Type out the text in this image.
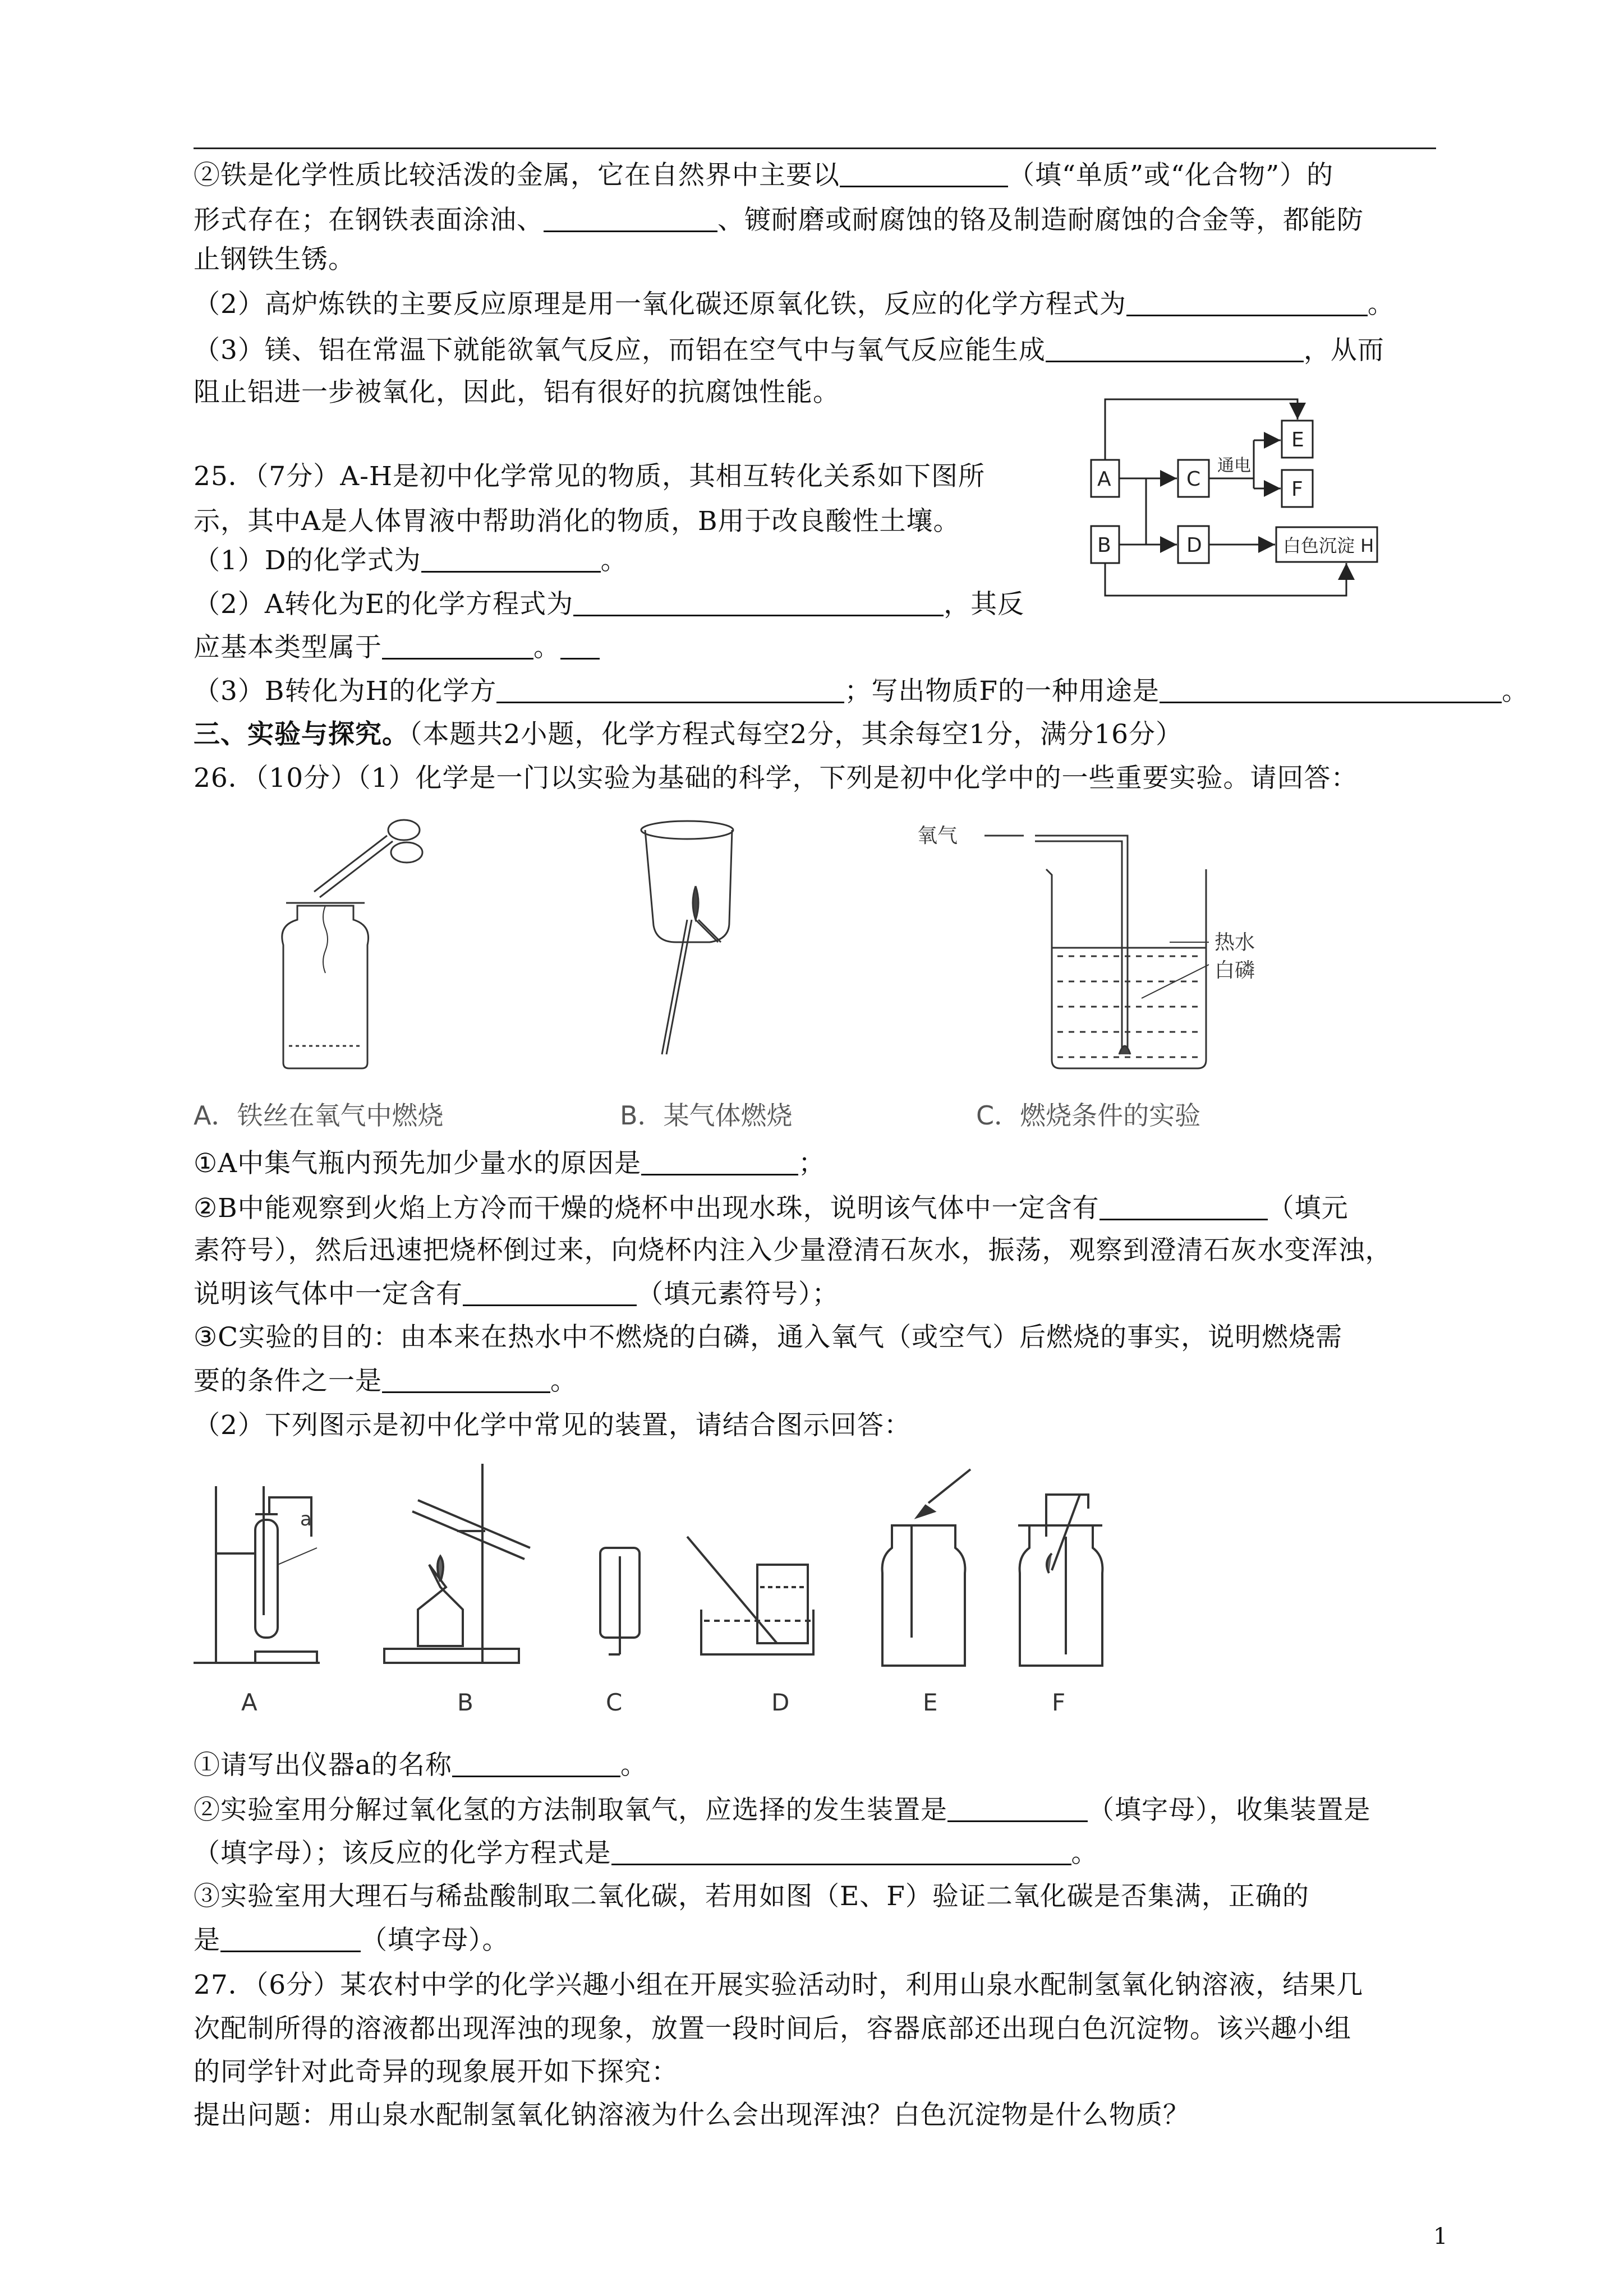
②铁是化学性质比较活泼的金属，它在自然界中主要以	（填“单质”或“化合物”）的
形式存在；在钢铁表面涂油、	、镀耐磨或耐腐蚀的铬及制造耐腐蚀的合金等，都能防
止钢铁生锈。
（2）高炉炼铁的主要反应原理是用一氧化碳还原氧化铁，反应的化学方程式为	。
（3）镁、铝在常温下就能欲氧气反应，而铝在空气中与氧气反应能生成	，从而
阻止铝进一步被氧化，因此，铝有很好的抗腐蚀性能。
25．（7分）A-H是初中化学常见的物质，其相互转化关系如下图所
示，其中A是人体胃液中帮助消化的物质，B用于改良酸性土壤。
（1）D的化学式为	。
（2）A转化为E的化学方程式为	，其反
应基本类型属于	。
（3）B转化为H的化学方	；写出物质F的一种用途是	。
A
B
C
D
E
F
白色沉淀 H
通电
三、实验与探究。（本题共2小题，化学方程式每空2分，其余每空1分，满分16分）
26．（10分）（1）化学是一门以实验为基础的科学，下列是初中化学中的一些重要实验。请回答：
氧气
热水
白磷
A．铁丝在氧气中燃烧	B．某气体燃烧	C．燃烧条件的实验
①A中集气瓶内预先加少量水的原因是	；
②B中能观察到火焰上方冷而干燥的烧杯中出现水珠，说明该气体中一定含有	（填元
素符号），然后迅速把烧杯倒过来，向烧杯内注入少量澄清石灰水，振荡，观察到澄清石灰水变浑浊，
说明该气体中一定含有	（填元素符号）；
③C实验的目的：由本来在热水中不燃烧的白磷，通入氧气（或空气）后燃烧的事实，说明燃烧需
要的条件之一是	。
（2）下列图示是初中化学中常见的装置，请结合图示回答：
a
A	B	C	D	E	F
①请写出仪器a的名称	。
②实验室用分解过氧化氢的方法制取氧气，应选择的发生装置是	（填字母），收集装置是
（填字母）；该反应的化学方程式是	。
③实验室用大理石与稀盐酸制取二氧化碳，若用如图（E、F）验证二氧化碳是否集满，正确的
是	（填字母）。
27．（6分）某农村中学的化学兴趣小组在开展实验活动时，利用山泉水配制氢氧化钠溶液，结果几
次配制所得的溶液都出现浑浊的现象，放置一段时间后，容器底部还出现白色沉淀物。该兴趣小组
的同学针对此奇异的现象展开如下探究：
提出问题：用山泉水配制氢氧化钠溶液为什么会出现浑浊？白色沉淀物是什么物质？
1
